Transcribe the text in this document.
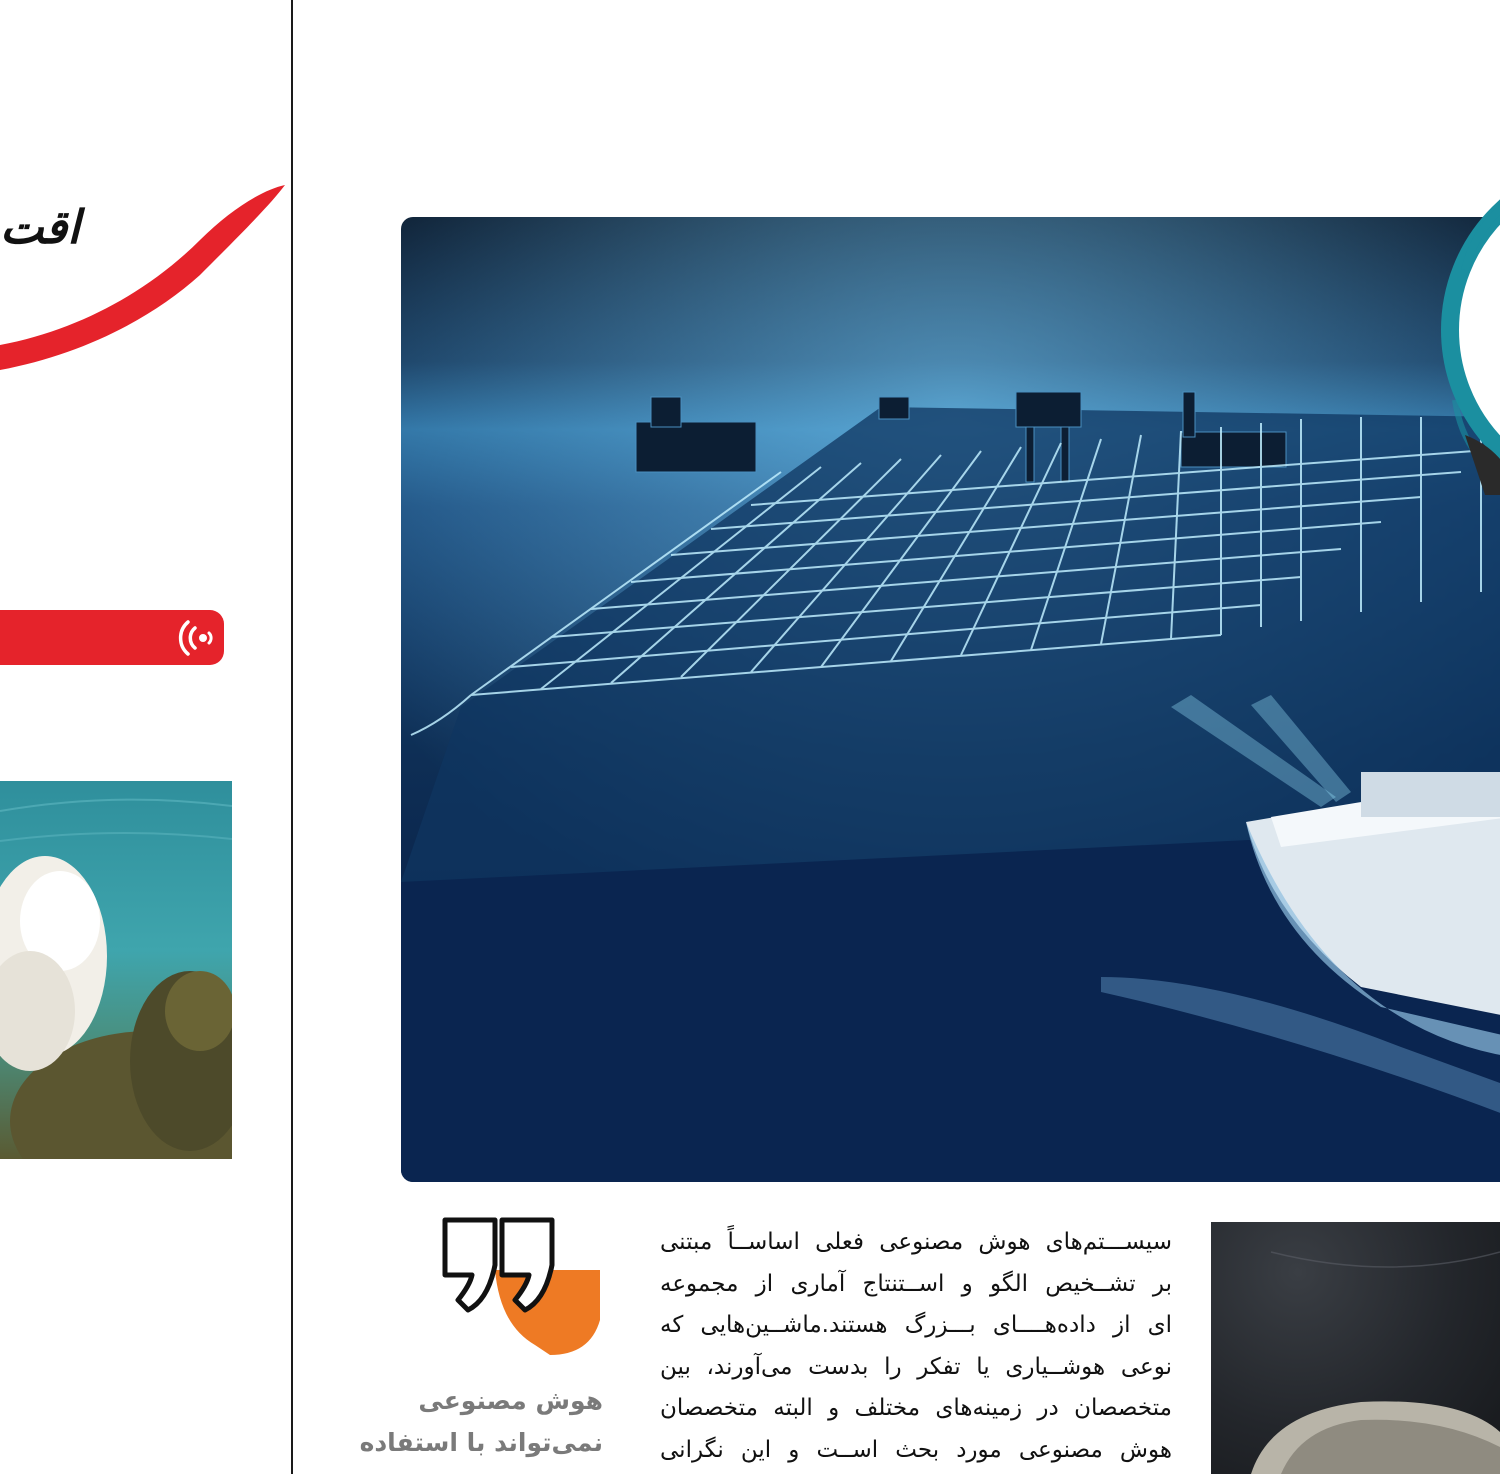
اقت
هوش مصنوعی
نمی‌تواند با استفاده
سیســـتم‌های هوش مصنوعی فعلی اساســاً مبتنی
بر تشــخیص الگو و اســتنتاج آماری از مجموعه
ای از داده‌هــــای بـــزرگ هستند.ماشــین‌هایی که
نوعی هوشــیاری یا تفکر را بدست می‌آورند، بین
متخصصان در زمینه‌های مختلف و البته متخصصان
هوش مصنوعی مورد بحث اســت و این نگرانی
